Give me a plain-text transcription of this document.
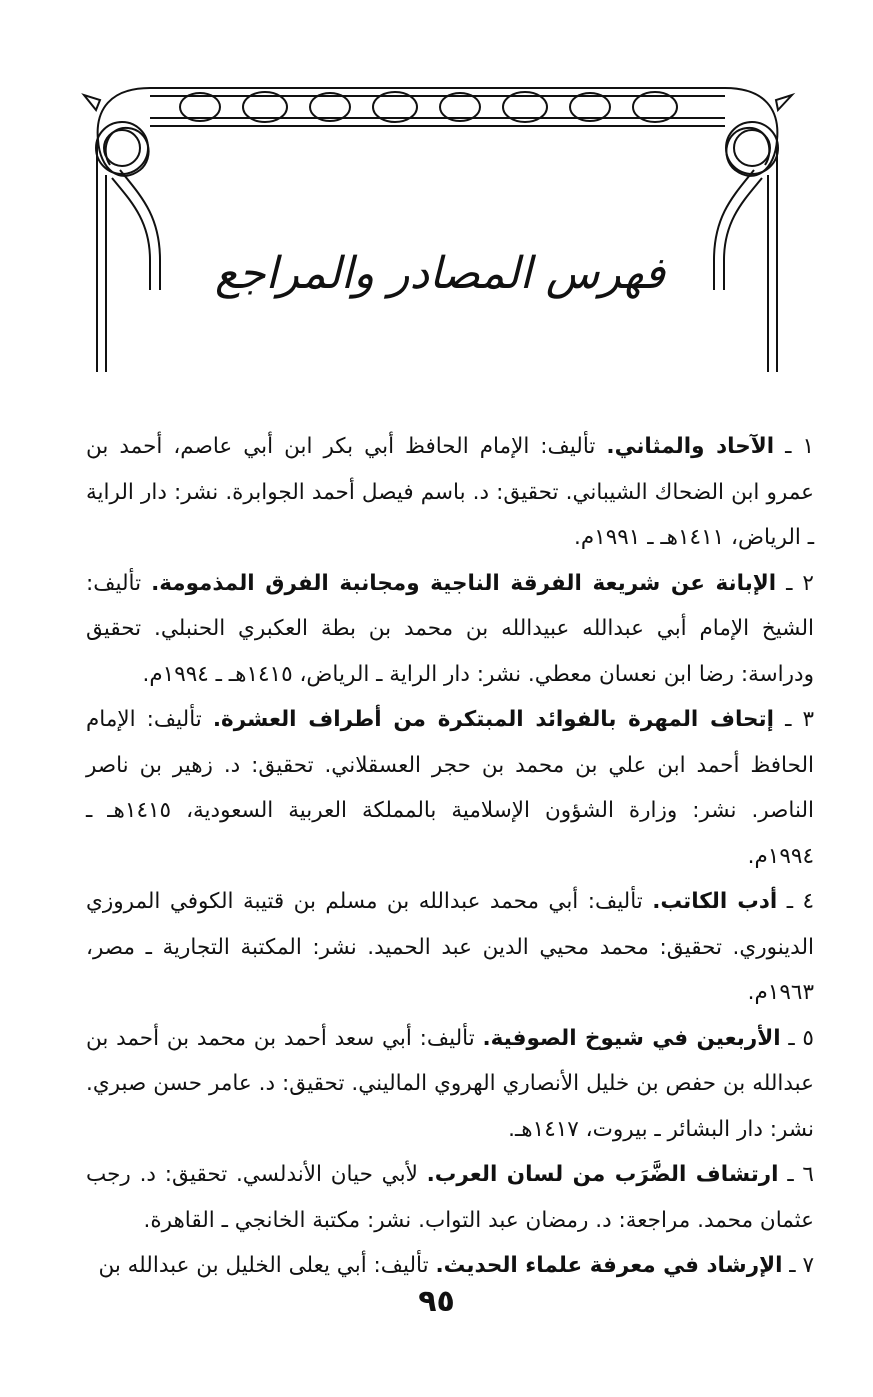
فهرس المصادر والمراجع

١ ـ الآحاد والمثاني. تأليف: الإمام الحافظ أبي بكر ابن أبي عاصم، أحمد بن عمرو ابن الضحاك الشيباني. تحقيق: د. باسم فيصل أحمد الجوابرة. نشر: دار الراية ـ الرياض، ١٤١١هـ ـ ١٩٩١م.

٢ ـ الإبانة عن شريعة الفرقة الناجية ومجانبة الفرق المذمومة. تأليف: الشيخ الإمام أبي عبدالله عبيدالله بن محمد بن بطة العكبري الحنبلي. تحقيق ودراسة: رضا ابن نعسان معطي. نشر: دار الراية ـ الرياض، ١٤١٥هـ ـ ١٩٩٤م.

٣ ـ إتحاف المهرة بالفوائد المبتكرة من أطراف العشرة. تأليف: الإمام الحافظ أحمد ابن علي بن محمد بن حجر العسقلاني. تحقيق: د. زهير بن ناصر الناصر. نشر: وزارة الشؤون الإسلامية بالمملكة العربية السعودية، ١٤١٥هـ ـ ١٩٩٤م.

٤ ـ أدب الكاتب. تأليف: أبي محمد عبدالله بن مسلم بن قتيبة الكوفي المروزي الدينوري. تحقيق: محمد محيي الدين عبد الحميد. نشر: المكتبة التجارية ـ مصر، ١٩٦٣م.

٥ ـ الأربعين في شيوخ الصوفية. تأليف: أبي سعد أحمد بن محمد بن أحمد بن عبدالله بن حفص بن خليل الأنصاري الهروي الماليني. تحقيق: د. عامر حسن صبري. نشر: دار البشائر ـ بيروت، ١٤١٧هـ.

٦ ـ ارتشاف الضَّرَب من لسان العرب. لأبي حيان الأندلسي. تحقيق: د. رجب عثمان محمد. مراجعة: د. رمضان عبد التواب. نشر: مكتبة الخانجي ـ القاهرة.

٧ ـ الإرشاد في معرفة علماء الحديث. تأليف: أبي يعلى الخليل بن عبدالله بن

٩٥
